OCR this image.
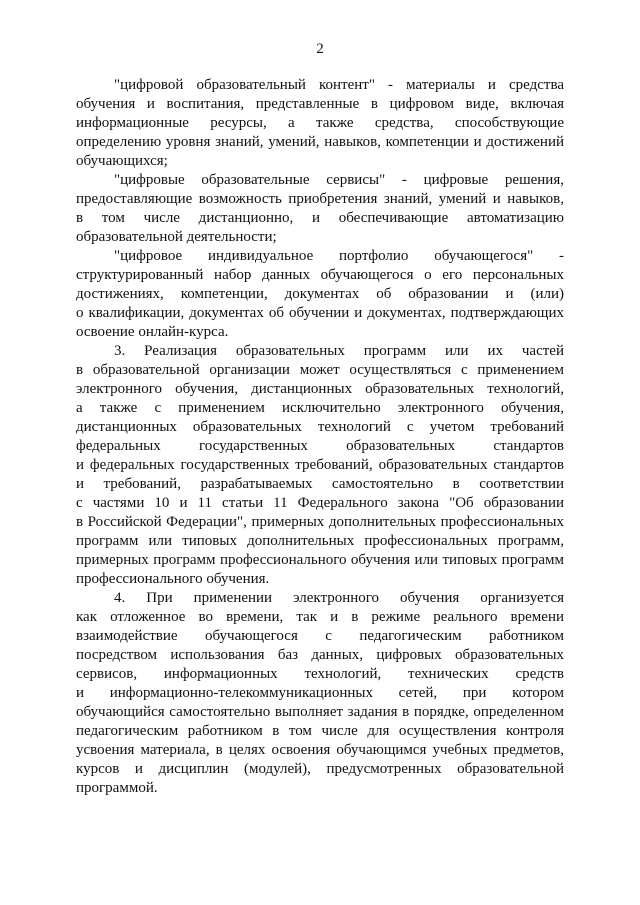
2

"цифровой образовательный контент" - материалы и средства
обучения и воспитания, представленные в цифровом виде, включая
информационные ресурсы, а также средства, способствующие
определению уровня знаний, умений, навыков, компетенции и достижений
обучающихся;

"цифровые образовательные сервисы" - цифровые решения,
предоставляющие возможность приобретения знаний, умений и навыков,
в том числе дистанционно, и обеспечивающие автоматизацию
образовательной деятельности;

"цифровое индивидуальное портфолио обучающегося" -
структурированный набор данных обучающегося о его персональных
достижениях, компетенции, документах об образовании и (или)
о квалификации, документах об обучении и документах, подтверждающих
освоение онлайн-курса.

3. Реализация образовательных программ или их частей
в образовательной организации может осуществляться с применением
электронного обучения, дистанционных образовательных технологий,
а также с применением исключительно электронного обучения,
дистанционных образовательных технологий с учетом требований
федеральных государственных образовательных стандартов
и федеральных государственных требований, образовательных стандартов
и требований, разрабатываемых самостоятельно в соответствии
с частями 10 и 11 статьи 11 Федерального закона "Об образовании
в Российской Федерации", примерных дополнительных профессиональных
программ или типовых дополнительных профессиональных программ,
примерных программ профессионального обучения или типовых программ
профессионального обучения.

4. При применении электронного обучения организуется
как отложенное во времени, так и в режиме реального времени
взаимодействие обучающегося с педагогическим работником
посредством использования баз данных, цифровых образовательных
сервисов, информационных технологий, технических средств
и информационно-телекоммуникационных сетей, при котором
обучающийся самостоятельно выполняет задания в порядке, определенном
педагогическим работником в том числе для осуществления контроля
усвоения материала, в целях освоения обучающимся учебных предметов,
курсов и дисциплин (модулей), предусмотренных образовательной
программой.
